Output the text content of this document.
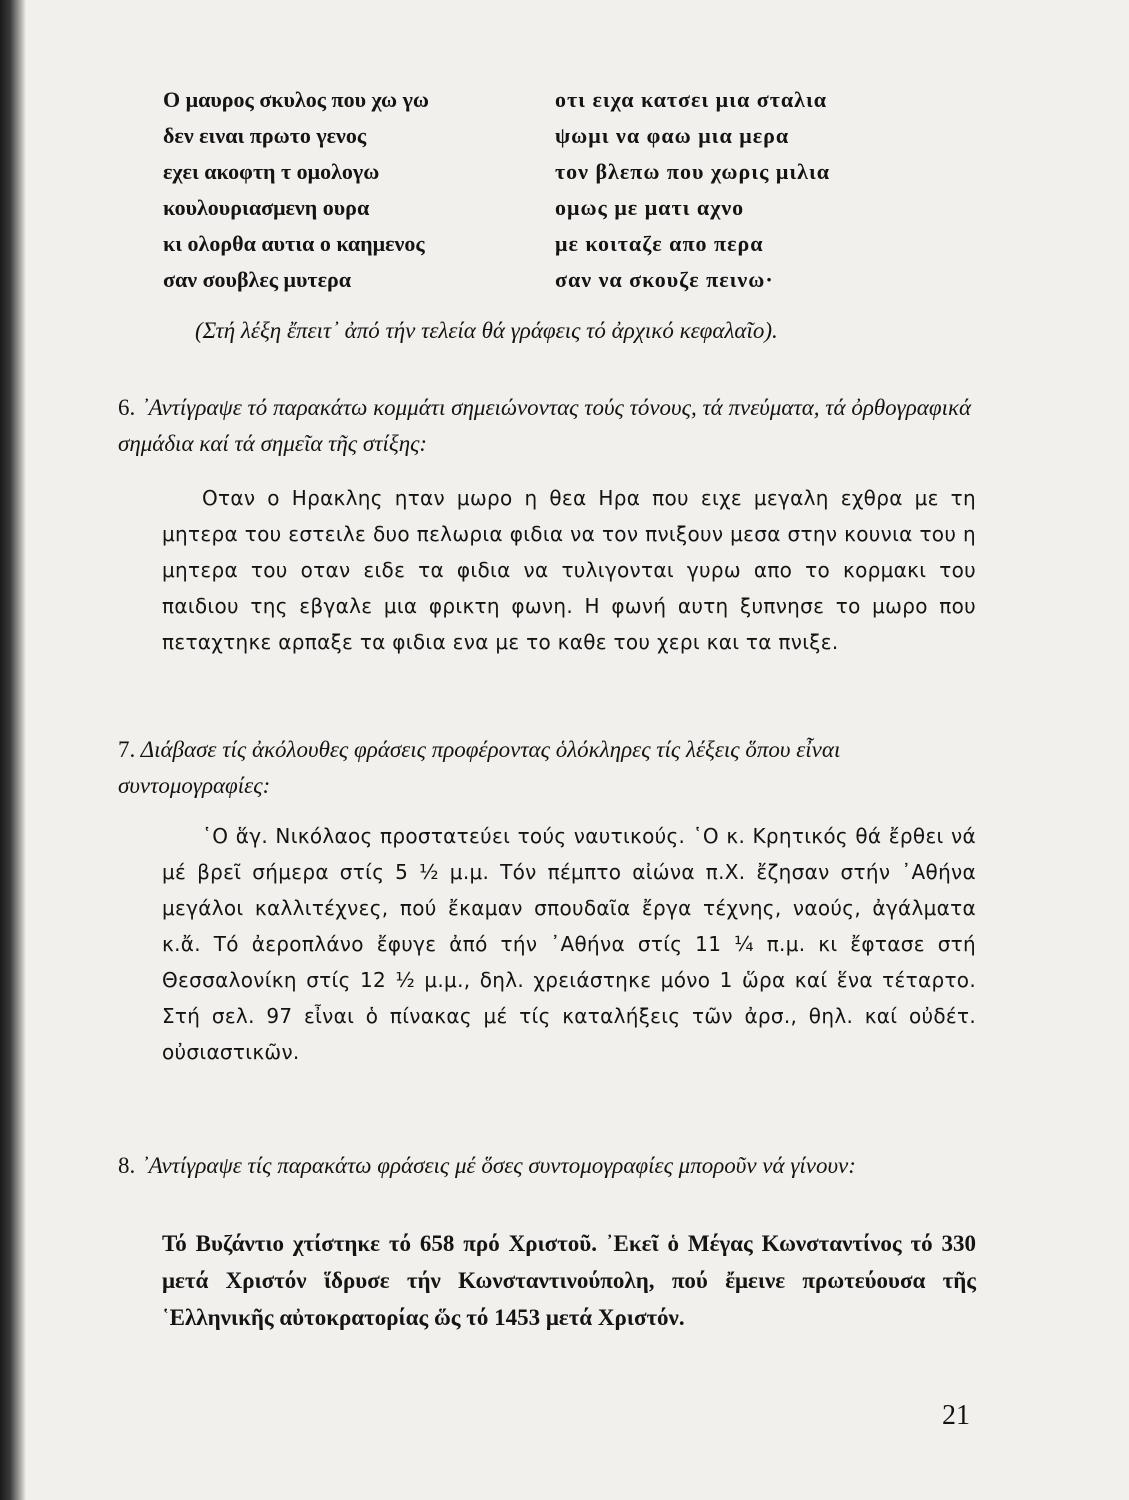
Ο μαυρος σκυλος που χω γω
δεν ειναι πρωτο γενος
εχει ακοφτη τ ομολογω
κουλουριασμενη ουρα
κι ολορθα αυτια ο καημενος
σαν σουβλες μυτερα
οτι ειχα κατσει μια σταλια
ψωμι να φαω μια μερα
τον βλεπω που χωρις μιλια
ομως με ματι αχνο
με κοιταζε απο περα
σαν να σκουζε πεινω·
(Στή λέξη ἔπειτ᾽ ἀπό τήν τελεία θά γράφεις τό ἀρχικό κεφαλαῖο).
6. ᾽Αντίγραψε τό παρακάτω κομμάτι σημειώνοντας τούς τόνους, τά πνεύματα, τά ὀρθογραφικά σημάδια καί τά σημεῖα τῆς στίξης:
Οταν ο Ηρακλης ηταν μωρο η θεα Ηρα που ειχε μεγαλη εχθρα με τη μητερα του εστειλε δυο πελωρια φιδια να τον πνιξουν μεσα στην κουνια του η μητερα του οταν ειδε τα φιδια να τυλιγονται γυρω απο το κορμακι του παιδιου της εβγαλε μια φρικτη φωνη. Η φωνή αυτη ξυπνησε το μωρο που πεταχτηκε αρπαξε τα φιδια ενα με το καθε του χερι και τα πνιξε.
7. Διάβασε τίς ἀκόλουθες φράσεις προφέροντας ὁλόκληρες τίς λέξεις ὅπου εἶναι συντομογραφίες:
῾Ο ἅγ. Νικόλαος προστατεύει τούς ναυτικούς. ῾Ο κ. Κρητικός θά ἔρθει νά μέ βρεῖ σήμερα στίς 5 ½ μ.μ. Τόν πέμπτο αἰώνα π.Χ. ἔζησαν στήν ᾽Αθήνα μεγάλοι καλλιτέχνες, πού ἔκαμαν σπουδαῖα ἔργα τέχνης, ναούς, ἀγάλματα κ.ἄ. Τό ἀεροπλάνο ἔφυγε ἀπό τήν ᾽Αθήνα στίς 11 ¼ π.μ. κι ἔφτασε στή Θεσσαλονίκη στίς 12 ½ μ.μ., δηλ. χρειάστηκε μόνο 1 ὥρα καί ἕνα τέταρτο. Στή σελ. 97 εἶναι ὁ πίνακας μέ τίς καταλήξεις τῶν ἀρσ., θηλ. καί οὐδέτ. οὐσιαστικῶν.
8. ᾽Αντίγραψε τίς παρακάτω φράσεις μέ ὅσες συντομογραφίες μποροῦν νά γίνουν:
Τό Βυζάντιο χτίστηκε τό 658 πρό Χριστοῦ. ᾽Εκεῖ ὁ Μέγας Κωνσταντίνος τό 330 μετά Χριστόν ἵδρυσε τήν Κωνσταντινούπολη, πού ἔμεινε πρωτεύουσα τῆς ῾Ελληνικῆς αὐτοκρατορίας ὥς τό 1453 μετά Χριστόν.
21
